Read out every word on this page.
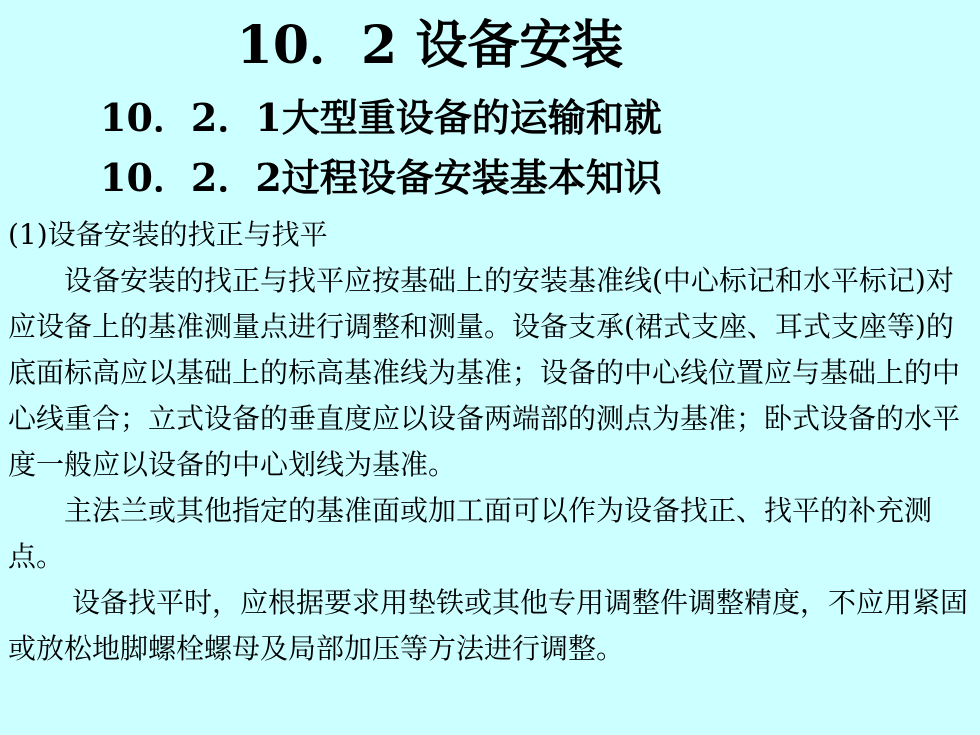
10．2 设备安装
10．2．1大型重设备的运输和就
10．2．2过程设备安装基本知识

(1)设备安装的找正与找平

设备安装的找正与找平应按基础上的安装基准线(中心标记和水平标记)对应设备上的基准测量点进行调整和测量。设备支承(裙式支座、耳式支座等)的底面标高应以基础上的标高基准线为基准；设备的中心线位置应与基础上的中心线重合；立式设备的垂直度应以设备两端部的测点为基准；卧式设备的水平度一般应以设备的中心划线为基准。

主法兰或其他指定的基准面或加工面可以作为设备找正、找平的补充测点。

设备找平时，应根据要求用垫铁或其他专用调整件调整精度，不应用紧固或放松地脚螺栓螺母及局部加压等方法进行调整。
